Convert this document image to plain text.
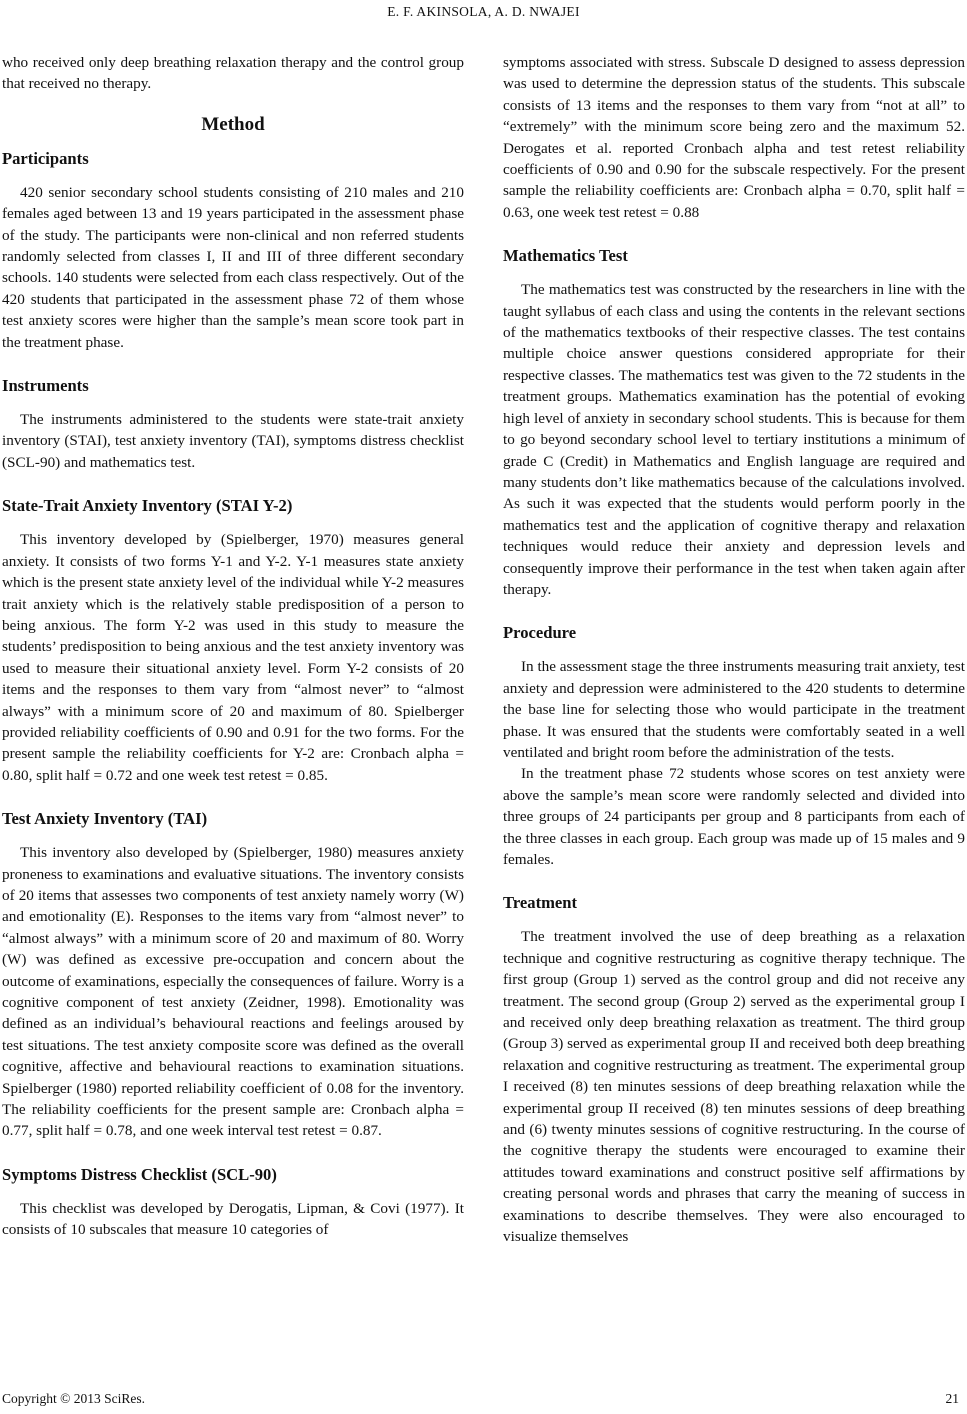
E. F. AKINSOLA, A. D. NWAJEI

who received only deep breathing relaxation therapy and the control group that received no therapy.

Method
Participants

420 senior secondary school students consisting of 210 males and 210 females aged between 13 and 19 years participated in the assessment phase of the study. The participants were non-clinical and non referred students randomly selected from classes I, II and III of three different secondary schools. 140 students were selected from each class respectively. Out of the 420 students that participated in the assessment phase 72 of them whose test anxiety scores were higher than the sample’s mean score took part in the treatment phase.

Instruments

The instruments administered to the students were state-trait anxiety inventory (STAI), test anxiety inventory (TAI), symptoms distress checklist (SCL-90) and mathematics test.

State-Trait Anxiety Inventory (STAI Y-2)

This inventory developed by (Spielberger, 1970) measures general anxiety. It consists of two forms Y-1 and Y-2. Y-1 measures state anxiety which is the present state anxiety level of the individual while Y-2 measures trait anxiety which is the relatively stable predisposition of a person to being anxious. The form Y-2 was used in this study to measure the students’ predisposition to being anxious and the test anxiety inventory was used to measure their situational anxiety level. Form Y-2 consists of 20 items and the responses to them vary from “almost never” to “almost always” with a minimum score of 20 and maximum of 80. Spielberger provided reliability coefficients of 0.90 and 0.91 for the two forms. For the present sample the reliability coefficients for Y-2 are: Cronbach alpha = 0.80, split half = 0.72 and one week test retest = 0.85.

Test Anxiety Inventory (TAI)

This inventory also developed by (Spielberger, 1980) measures anxiety proneness to examinations and evaluative situations. The inventory consists of 20 items that assesses two components of test anxiety namely worry (W) and emotionality (E). Responses to the items vary from “almost never” to “almost always” with a minimum score of 20 and maximum of 80. Worry (W) was defined as excessive pre-occupation and concern about the outcome of examinations, especially the consequences of failure. Worry is a cognitive component of test anxiety (Zeidner, 1998). Emotionality was defined as an individual’s behavioural reactions and feelings aroused by test situations. The test anxiety composite score was defined as the overall cognitive, affective and behavioural reactions to examination situations. Spielberger (1980) reported reliability coefficient of 0.08 for the inventory. The reliability coefficients for the present sample are: Cronbach alpha = 0.77, split half = 0.78, and one week interval test retest = 0.87.

Symptoms Distress Checklist (SCL-90)

This checklist was developed by Derogatis, Lipman, & Covi (1977). It consists of 10 subscales that measure 10 categories of

symptoms associated with stress. Subscale D designed to assess depression was used to determine the depression status of the students. This subscale consists of 13 items and the responses to them vary from “not at all” to “extremely” with the minimum score being zero and the maximum 52. Derogates et al. reported Cronbach alpha and test retest reliability coefficients of 0.90 and 0.90 for the subscale respectively. For the present sample the reliability coefficients are: Cronbach alpha = 0.70, split half = 0.63, one week test retest = 0.88

Mathematics Test

The mathematics test was constructed by the researchers in line with the taught syllabus of each class and using the contents in the relevant sections of the mathematics textbooks of their respective classes. The test contains multiple choice answer questions considered appropriate for their respective classes. The mathematics test was given to the 72 students in the treatment groups. Mathematics examination has the potential of evoking high level of anxiety in secondary school students. This is because for them to go beyond secondary school level to tertiary institutions a minimum of grade C (Credit) in Mathematics and English language are required and many students don’t like mathematics because of the calculations involved. As such it was expected that the students would perform poorly in the mathematics test and the application of cognitive therapy and relaxation techniques would reduce their anxiety and depression levels and consequently improve their performance in the test when taken again after therapy.

Procedure

In the assessment stage the three instruments measuring trait anxiety, test anxiety and depression were administered to the 420 students to determine the base line for selecting those who would participate in the treatment phase. It was ensured that the students were comfortably seated in a well ventilated and bright room before the administration of the tests.

In the treatment phase 72 students whose scores on test anxiety were above the sample’s mean score were randomly selected and divided into three groups of 24 participants per group and 8 participants from each of the three classes in each group. Each group was made up of 15 males and 9 females.

Treatment

The treatment involved the use of deep breathing as a relaxation technique and cognitive restructuring as cognitive therapy technique. The first group (Group 1) served as the control group and did not receive any treatment. The second group (Group 2) served as the experimental group I and received only deep breathing relaxation as treatment. The third group (Group 3) served as experimental group II and received both deep breathing relaxation and cognitive restructuring as treatment. The experimental group I received (8) ten minutes sessions of deep breathing relaxation while the experimental group II received (8) ten minutes sessions of deep breathing and (6) twenty minutes sessions of cognitive restructuring. In the course of the cognitive therapy the students were encouraged to examine their attitudes toward examinations and construct positive self affirmations by creating personal words and phrases that carry the meaning of success in examinations to describe themselves. They were also encouraged to visualize themselves

Copyright © 2013 SciRes.	21
